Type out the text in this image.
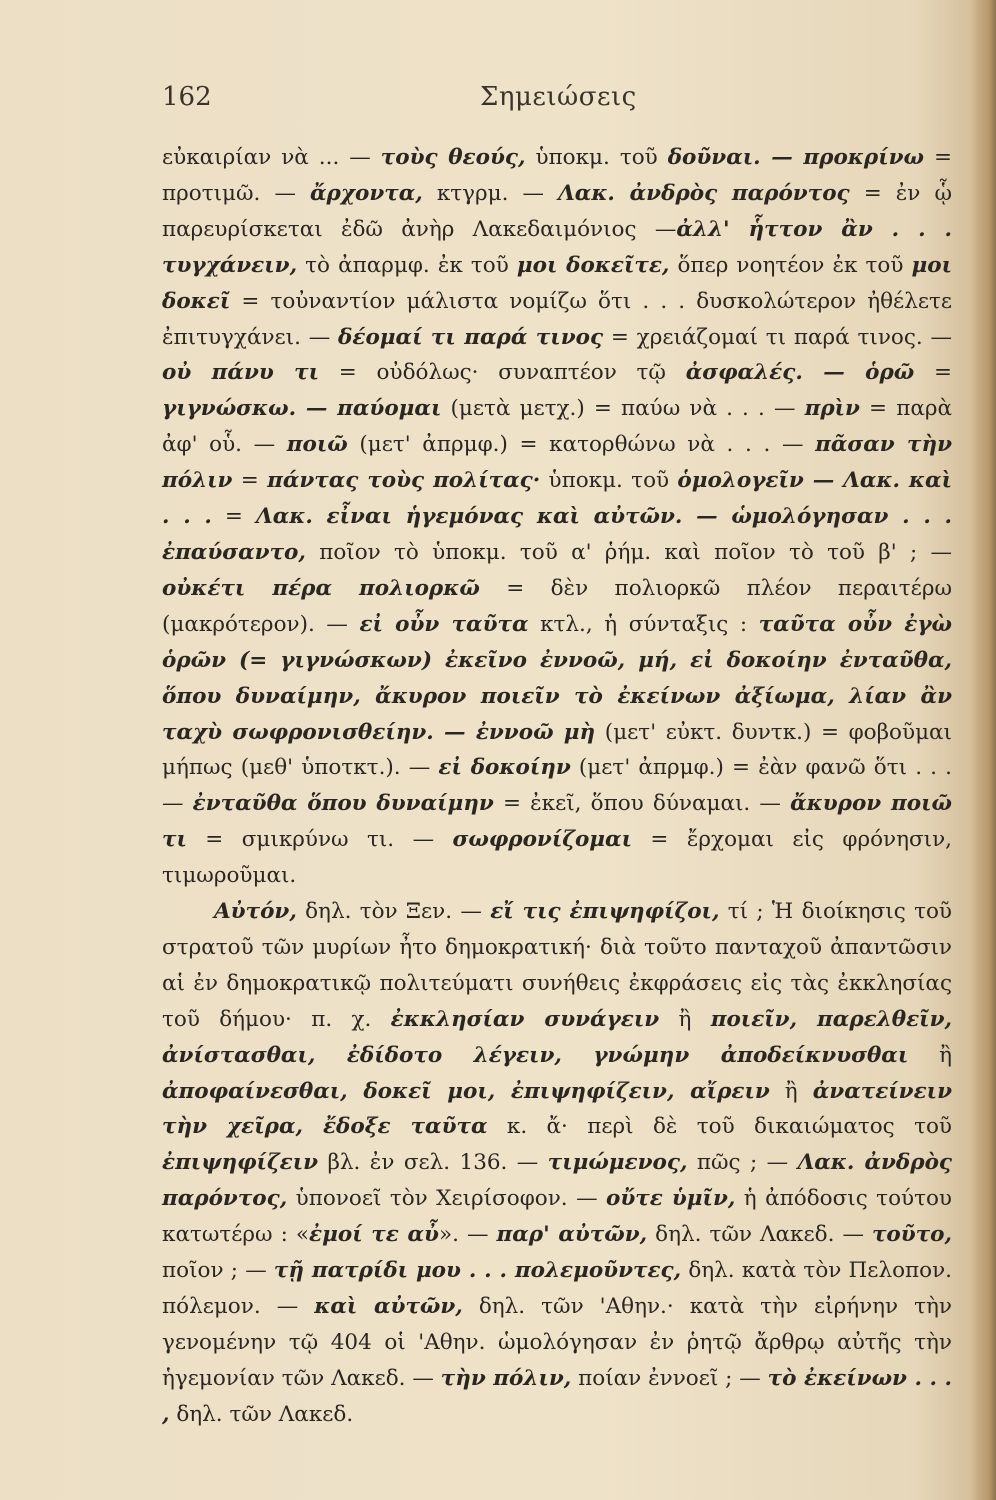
162	Σημειώσεις

εὐκαιρίαν νὰ ... — τοὺς θεούς, ὑποκμ. τοῦ δοῦναι. — προκρίνω = προτιμῶ. — ἄρχοντα, κτγρμ. — Λακ. ἀνδρὸς παρόντος = ἐν ᾧ παρευρίσκεται ἐδῶ ἀνὴρ Λακεδαιμόνιος —ἀλλ' ἧττον ἂν . . . τυγχάνειν, τὸ ἀπαρμφ. ἐκ τοῦ μοι δοκεῖτε, ὅπερ νοητέον ἐκ τοῦ μοι δοκεῖ = τοὐναντίον μάλιστα νομίζω ὅτι . . . δυσκολώτερον ἠθέλετε ἐπιτυγχάνει. — δέομαί τι παρά τινος = χρειάζομαί τι παρά τινος. — οὐ πάνυ τι = οὐδόλως· συναπτέον τῷ ἀσφαλές. — ὁρῶ = γιγνώσκω. — παύομαι (μετὰ μετχ.) = παύω νὰ . . . — πρὶν = παρὰ ἀφ' οὗ. — ποιῶ (μετ' ἀπρμφ.) = κατορθώνω νὰ . . . — πᾶσαν τὴν πόλιν = πάντας τοὺς πολίτας· ὑποκμ. τοῦ ὁμολογεῖν — Λακ. καὶ . . . = Λακ. εἶναι ἡγεμόνας καὶ αὐτῶν. — ὡμολόγησαν . . . ἐπαύσαντο, ποῖον τὸ ὑποκμ. τοῦ α' ῥήμ. καὶ ποῖον τὸ τοῦ β' ; — οὐκέτι πέρα πολιορκῶ = δὲν πολιορκῶ πλέον περαιτέρω (μακρότερον). — εἰ οὖν ταῦτα κτλ., ἡ σύνταξις : ταῦτα οὖν ἐγὼ ὁρῶν (= γιγνώσκων) ἐκεῖνο ἐννοῶ, μή, εἰ δοκοίην ἐνταῦθα, ὅπου δυναίμην, ἄκυρον ποιεῖν τὸ ἐκείνων ἀξίωμα, λίαν ἂν ταχὺ σωφρονισθείην. — ἐννοῶ μὴ (μετ' εὐκτ. δυντκ.) = φοβοῦμαι μήπως (μεθ' ὑποτκτ.). — εἰ δοκοίην (μετ' ἀπρμφ.) = ἐὰν φανῶ ὅτι . . . — ἐνταῦθα ὅπου δυναίμην = ἐκεῖ, ὅπου δύναμαι. — ἄκυρον ποιῶ τι = σμικρύνω τι. — σωφρονίζομαι = ἔρχομαι εἰς φρόνησιν, τιμωροῦμαι.

Αὐτόν, δηλ. τὸν Ξεν. — εἴ τις ἐπιψηφίζοι, τί ; Ἡ διοίκησις τοῦ στρατοῦ τῶν μυρίων ἦτο δημοκρατική· διὰ τοῦτο πανταχοῦ ἀπαντῶσιν αἱ ἐν δημοκρατικῷ πολιτεύματι συνήθεις ἐκφράσεις εἰς τὰς ἐκκλησίας τοῦ δήμου· π. χ. ἐκκλησίαν συνάγειν ἢ ποιεῖν, παρελθεῖν, ἀνίστασθαι, ἐδίδοτο λέγειν, γνώμην ἀποδείκνυσθαι ἢ ἀποφαίνεσθαι, δοκεῖ μοι, ἐπιψηφίζειν, αἴρειν ἢ ἀνατείνειν τὴν χεῖρα, ἔδοξε ταῦτα κ. ἄ· περὶ δὲ τοῦ δικαιώματος τοῦ ἐπιψηφίζειν βλ. ἐν σελ. 136. — τιμώμενος, πῶς ; — Λακ. ἀνδρὸς παρόντος, ὑπονοεῖ τὸν Χειρίσοφον. — οὔτε ὑμῖν, ἡ ἀπόδοσις τούτου κατωτέρω : «ἐμοί τε αὖ». — παρ' αὐτῶν, δηλ. τῶν Λακεδ. — τοῦτο, ποῖον ; — τῇ πατρίδι μου . . . πολεμοῦντες, δηλ. κατὰ τὸν Πελοπον. πόλεμον. — καὶ αὐτῶν, δηλ. τῶν 'Αθην.· κατὰ τὴν εἰρήνην τὴν γενομένην τῷ 404 οἱ 'Αθην. ὡμολόγησαν ἐν ῥητῷ ἄρθρῳ αὐτῆς τὴν ἡγεμονίαν τῶν Λακεδ. — τὴν πόλιν, ποίαν ἐννοεῖ ; — τὸ ἐκείνων . . . , δηλ. τῶν Λακεδ.
